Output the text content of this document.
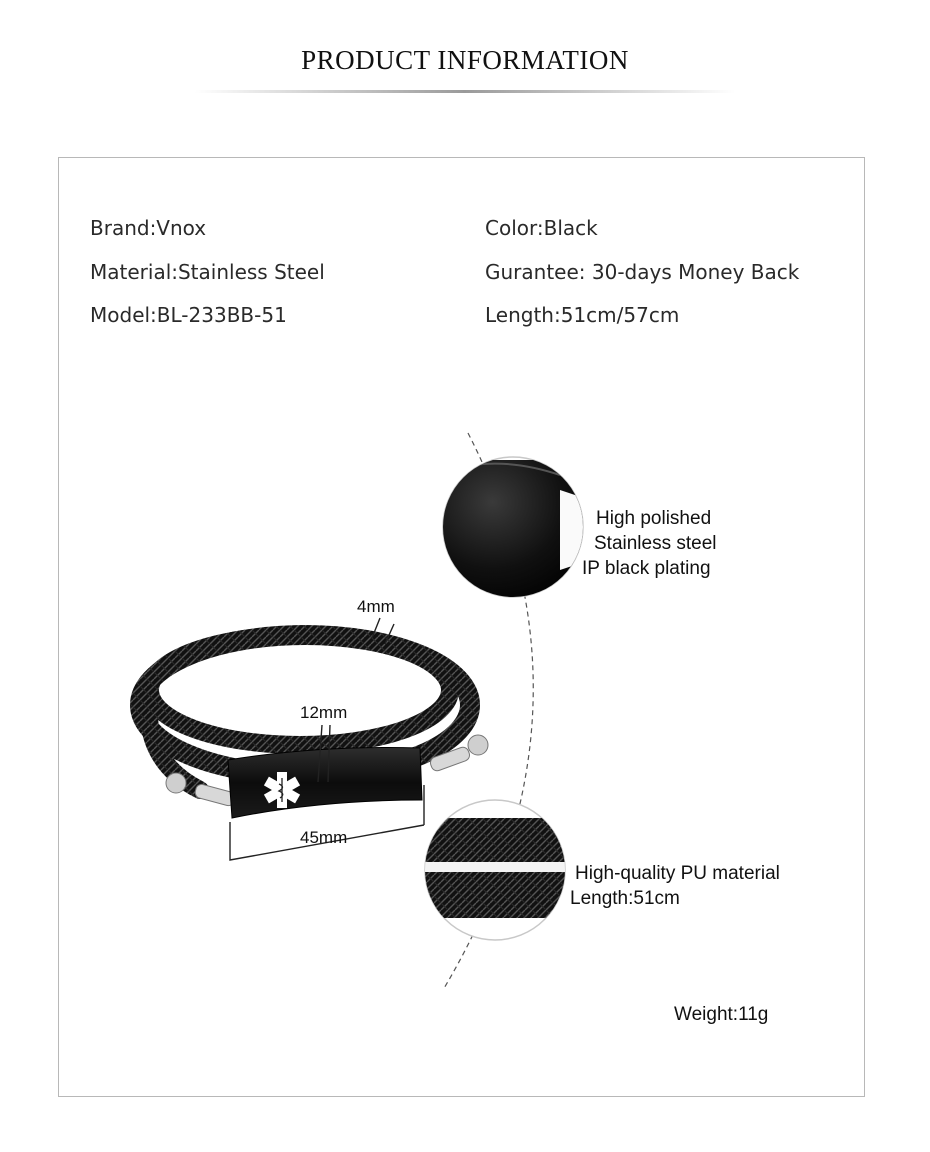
PRODUCT INFORMATION
Brand:Vnox
Material:Stainless Steel
Model:BL-233BB-51
Color:Black
Gurantee: 30-days Money Back
Length:51cm/57cm
High polished
Stainless steel
IP black plating
High-quality PU material
Length:51cm
Weight:11g
4mm
12mm
45mm
